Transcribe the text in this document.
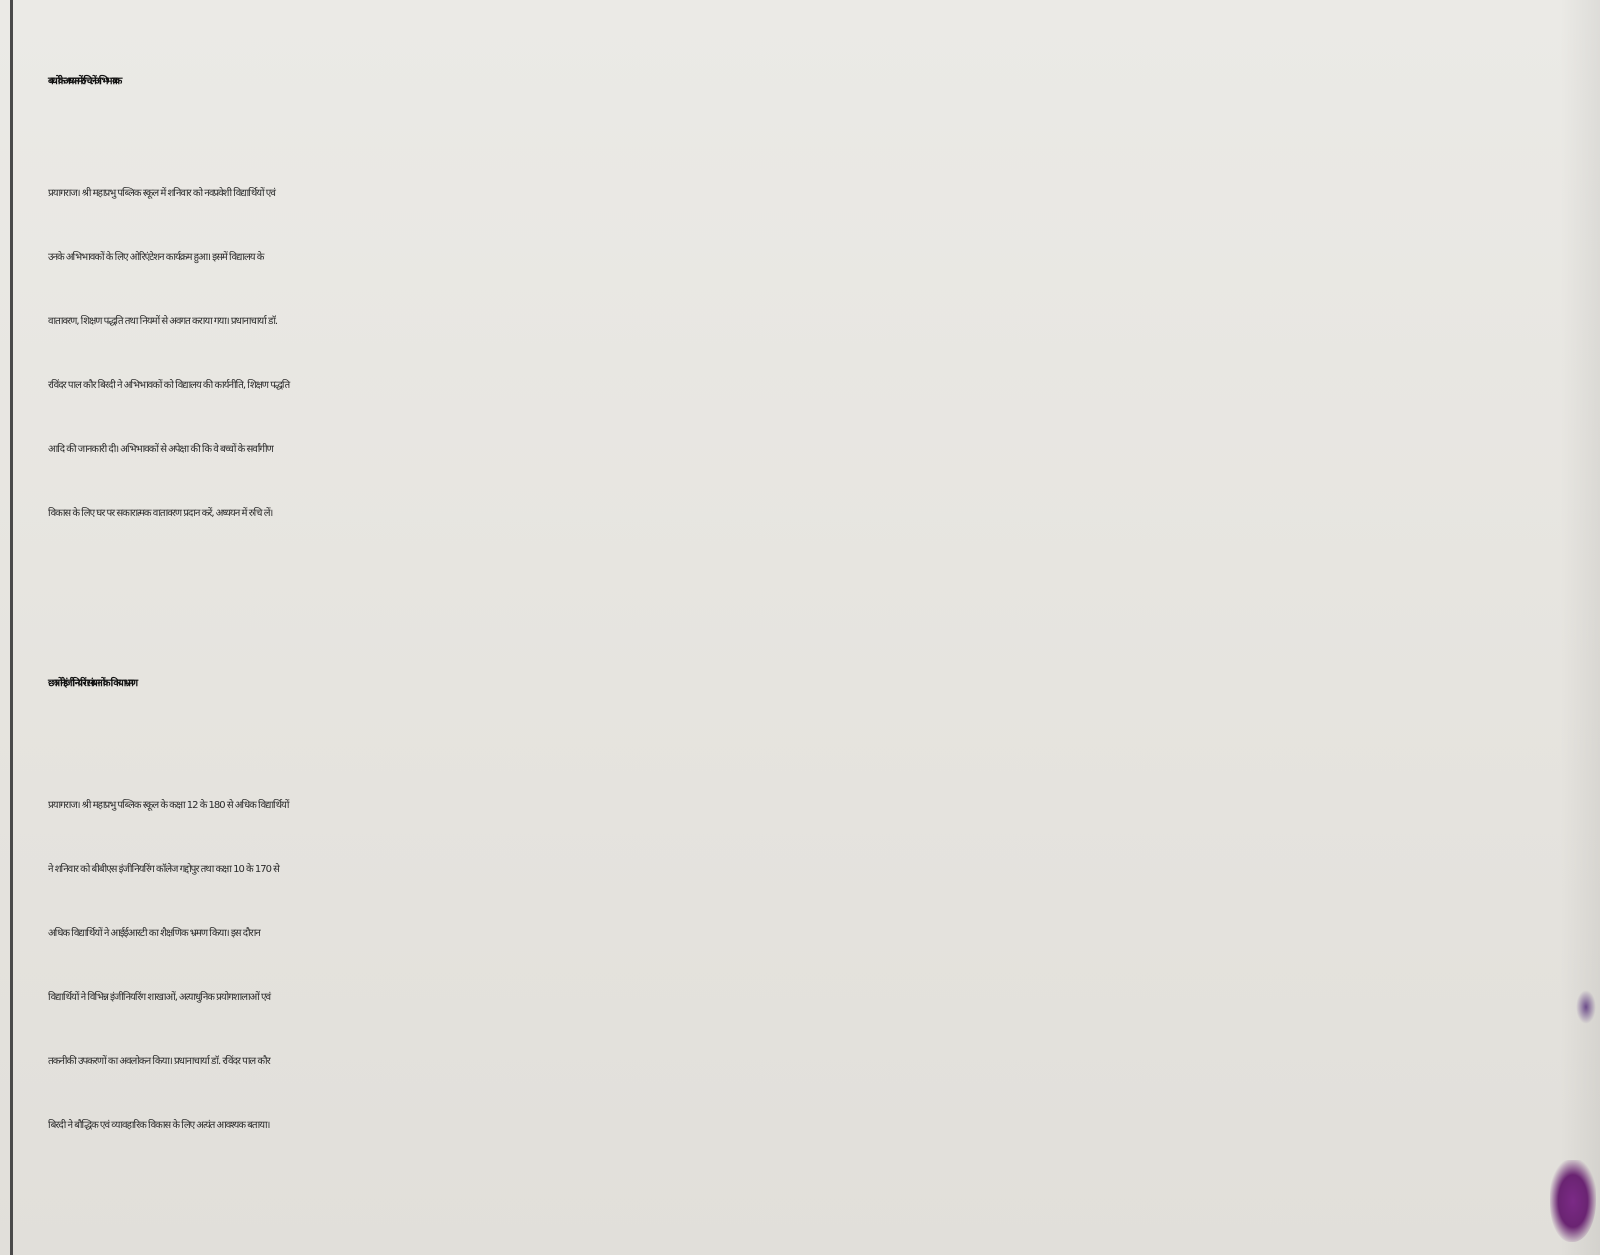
बच्चों के अध्ययन में रुचि लें अभिभावक

प्रयागराज। श्री महाप्रभु पब्लिक स्कूल में शनिवार को नवप्रवेशी विद्यार्थियों एवं
उनके अभिभावकों के लिए ओरिएंटेशन कार्यक्रम हुआ। इसमें विद्यालय के
वातावरण, शिक्षण पद्धति तथा नियमों से अवगत कराया गया। प्रधानाचार्या डॉ.
रविंदर पाल कौर बिरदी ने अभिभावकों को विद्यालय की कार्यनीति, शिक्षण पद्धति
आदि की जानकारी दी। अभिभावकों से अपेक्षा की कि वे बच्चों के सर्वांगीण
विकास के लिए घर पर सकारात्मक वातावरण प्रदान करें, अध्ययन में रुचि लें।

छात्रों ने इंजीनियरिंग संस्थानों का किया भ्रमण

प्रयागराज। श्री महाप्रभु पब्लिक स्कूल के कक्षा 12 के 180 से अधिक विद्यार्थियों
ने शनिवार को बीबीएस इंजीनियरिंग कॉलेज गद्दोपुर तथा कक्षा 10 के 170 से
अधिक विद्यार्थियों ने आईईआरटी का शैक्षणिक भ्रमण किया। इस दौरान
विद्यार्थियों ने विभिन्न इंजीनियरिंग शाखाओं, अत्याधुनिक प्रयोगशालाओं एवं
तकनीकी उपकरणों का अवलोकन किया। प्रधानाचार्या डॉ. रविंदर पाल कौर
बिरदी ने बौद्धिक एवं व्यावहारिक विकास के लिए अत्यंत आवश्यक बताया।
